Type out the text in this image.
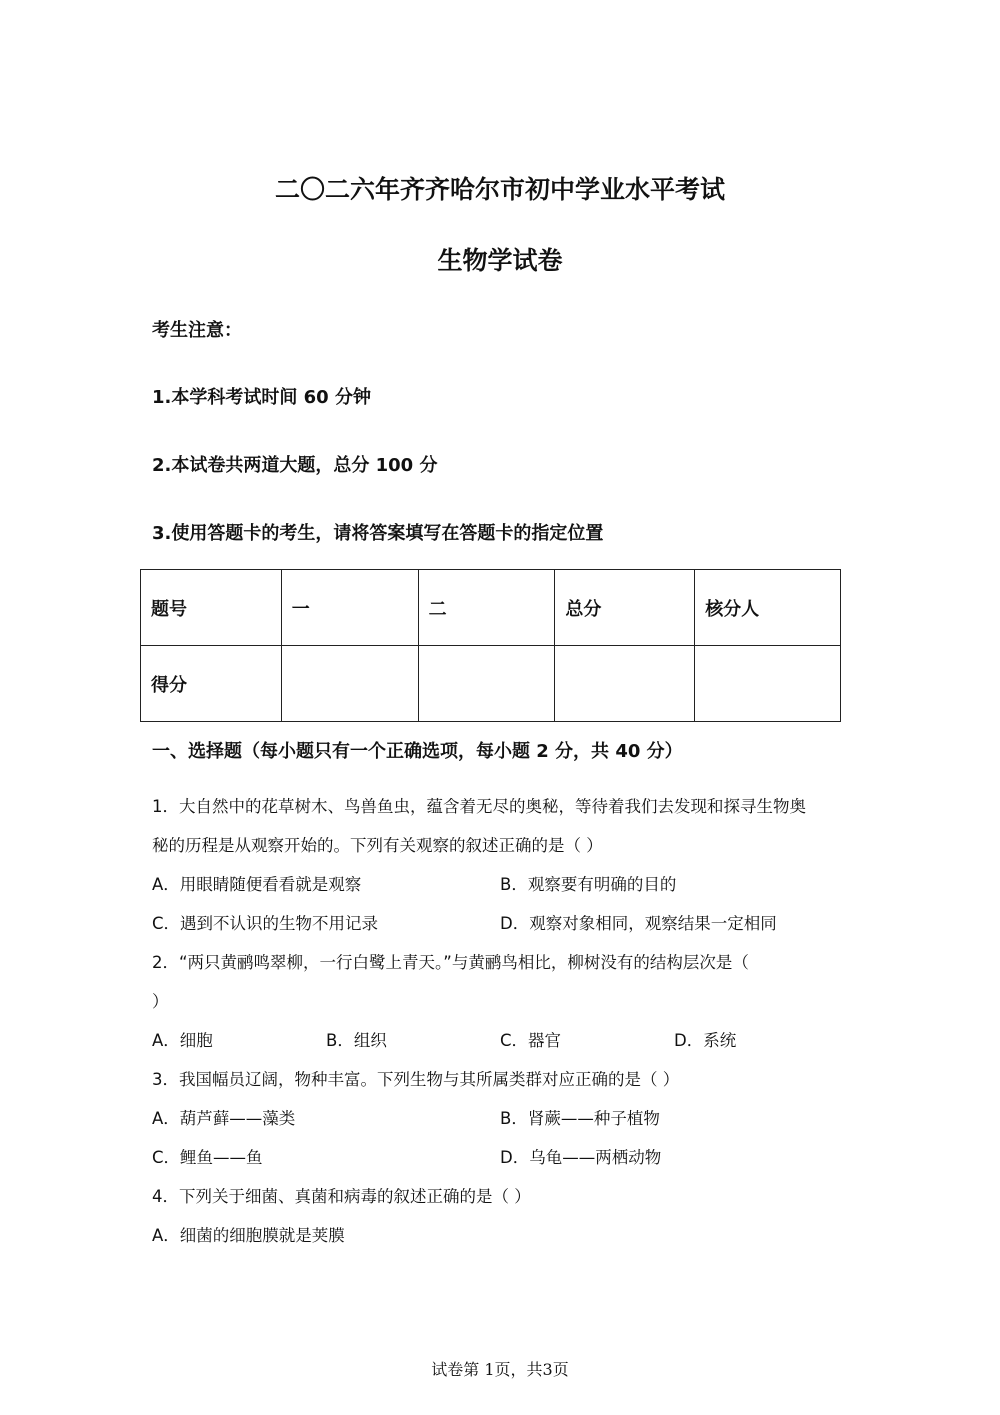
二〇二六年齐齐哈尔市初中学业水平考试
生物学试卷
考生注意：
1.本学科考试时间 60 分钟
2.本试卷共两道大题，总分 100 分
3.使用答题卡的考生，请将答案填写在答题卡的指定位置
题号	一	二	总分	核分人
得分				
一、选择题（每小题只有一个正确选项，每小题 2 分，共 40 分）
1．大自然中的花草树木、鸟兽鱼虫，蕴含着无尽的奥秘，等待着我们去发现和探寻生物奥
秘的历程是从观察开始的。下列有关观察的叙述正确的是（ ）
A．用眼睛随便看看就是观察	B．观察要有明确的目的
C．遇到不认识的生物不用记录	D．观察对象相同，观察结果一定相同
2．“两只黄鹂鸣翠柳，一行白鹭上青天。”与黄鹂鸟相比，柳树没有的结构层次是（
）
A．细胞	B．组织	C．器官	D．系统
3．我国幅员辽阔，物种丰富。下列生物与其所属类群对应正确的是（ ）
A．葫芦藓——藻类	B．肾蕨——种子植物
C．鲤鱼——鱼	D．乌龟——两栖动物
4．下列关于细菌、真菌和病毒的叙述正确的是（ ）
A．细菌的细胞膜就是荚膜
试卷第 1页，共3页
